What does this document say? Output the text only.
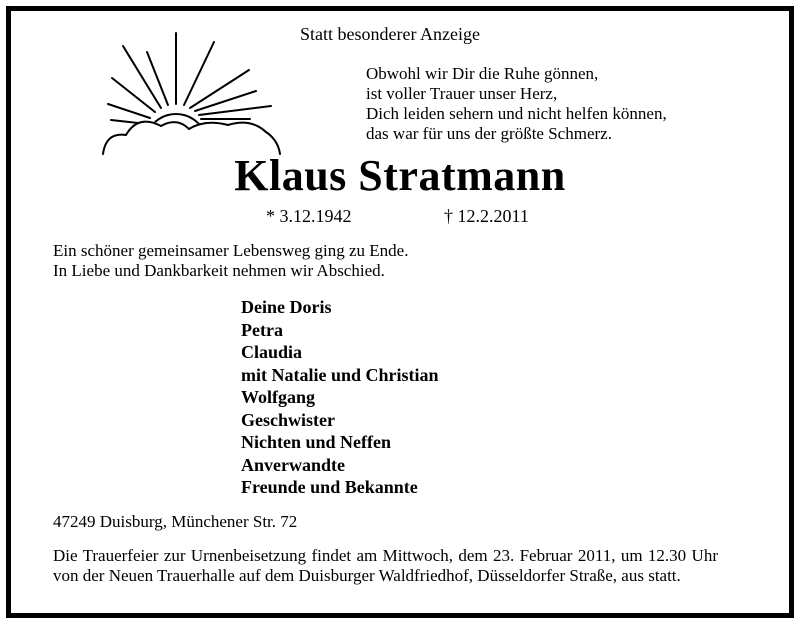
Statt besonderer Anzeige
Obwohl wir Dir die Ruhe gönnen,
ist voller Trauer unser Herz,
Dich leiden sehern und nicht helfen können,
das war für uns der größte Schmerz.
Klaus Stratmann
* 3.12.1942	† 12.2.2011
Ein schöner gemeinsamer Lebensweg ging zu Ende.
In Liebe und Dankbarkeit nehmen wir Abschied.
Deine Doris
Petra
Claudia
mit Natalie und Christian
Wolfgang
Geschwister
Nichten und Neffen
Anverwandte
Freunde und Bekannte
47249 Duisburg, Münchener Str. 72
Die Trauerfeier zur Urnenbeisetzung findet am Mittwoch, dem 23. Februar 2011, um 12.30 Uhr von der Neuen Trauerhalle auf dem Duisburger Waldfriedhof, Düsseldorfer Straße, aus statt.
